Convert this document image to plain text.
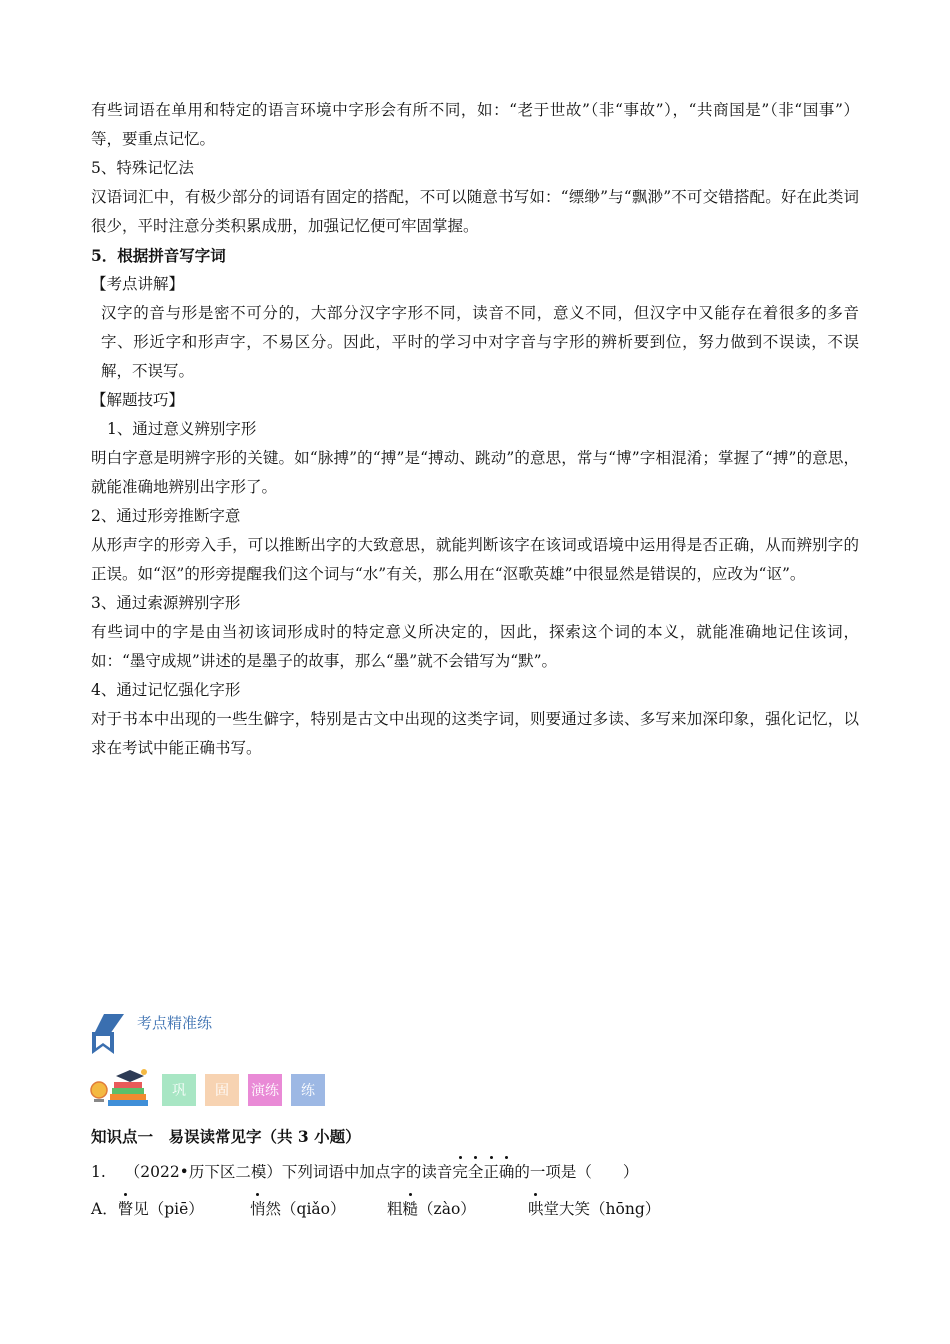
有些词语在单用和特定的语言环境中字形会有所不同，如：“老于世故”（非“事故”），“共商国是”（非“国事”）等，要重点记忆。

5、特殊记忆法

汉语词汇中，有极少部分的词语有固定的搭配，不可以随意书写如：“缥缈”与“飘渺”不可交错搭配。好在此类词很少，平时注意分类积累成册，加强记忆便可牢固掌握。

5．根据拼音写字词

【考点讲解】

汉字的音与形是密不可分的，大部分汉字字形不同，读音不同，意义不同，但汉字中又能存在着很多的多音字、形近字和形声字，不易区分。因此，平时的学习中对字音与字形的辨析要到位，努力做到不误读，不误解，不误写。

【解题技巧】

1、通过意义辨别字形

明白字意是明辨字形的关键。如“脉搏”的“搏”是“搏动、跳动”的意思，常与“博”字相混淆；掌握了“搏”的意思，就能准确地辨别出字形了。

2、通过形旁推断字意

从形声字的形旁入手，可以推断出字的大致意思，就能判断该字在该词或语境中运用得是否正确，从而辨别字的正误。如“沤”的形旁提醒我们这个词与“水”有关，那么用在“沤歌英雄”中很显然是错误的，应改为“讴”。

3、通过索源辨别字形

有些词中的字是由当初该词形成时的特定意义所决定的，因此，探索这个词的本义，就能准确地记住该词，如：“墨守成规”讲述的是墨子的故事，那么“墨”就不会错写为“默”。

4、通过记忆强化字形

对于书本中出现的一些生僻字，特别是古文中出现的这类字词，则要通过多读、多写来加深印象，强化记忆，以求在考试中能正确书写。

考点精准练
巩	固	演练	练
知识点一　易误读常见字（共 3 小题）
1. （2022•历下区二模）下列词语中加点字的读音完全正确的一项是（　　）
A．瞥见（piē）	悄然（qiǎo）	粗糙（zào）	哄堂大笑（hōng）
